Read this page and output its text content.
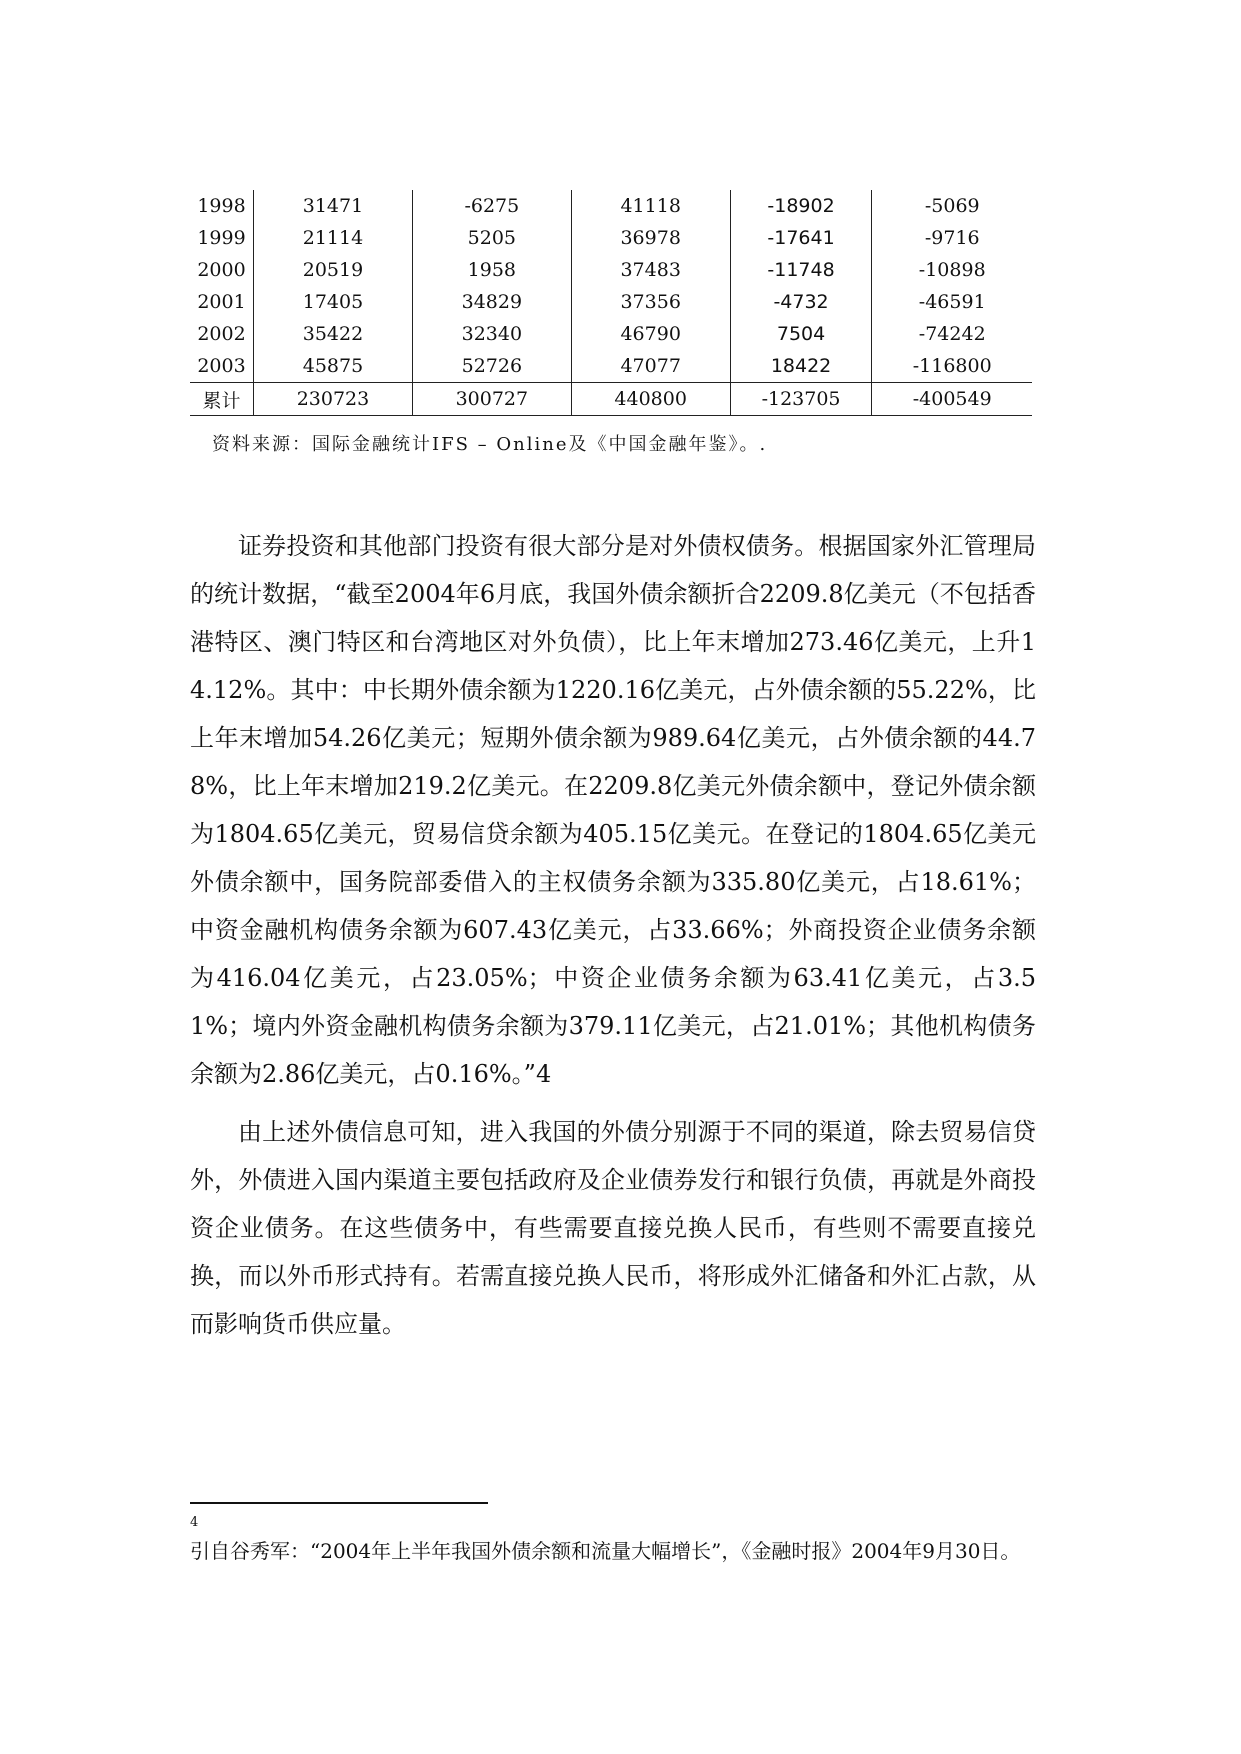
1998	31471	-6275	41118	-18902	-5069
1999	21114	5205	36978	-17641	-9716
2000	20519	1958	37483	-11748	-10898
2001	17405	34829	37356	-4732	-46591
2002	35422	32340	46790	7504	-74242
2003	45875	52726	47077	18422	-116800
累计	230723	300727	440800	-123705	-400549
资料来源：国际金融统计IFS – Online及《中国金融年鉴》。.

证券投资和其他部门投资有很大部分是对外债权债务。根据国家外汇管理局的统计数据，“截至2004年6月底，我国外债余额折合2209.8亿美元（不包括香港特区、澳门特区和台湾地区对外负债），比上年末增加273.46亿美元，上升14.12%。其中：中长期外债余额为1220.16亿美元，占外债余额的55.22%，比上年末增加54.26亿美元；短期外债余额为989.64亿美元，占外债余额的44.78%，比上年末增加219.2亿美元。在2209.8亿美元外债余额中，登记外债余额为1804.65亿美元，贸易信贷余额为405.15亿美元。在登记的1804.65亿美元外债余额中，国务院部委借入的主权债务余额为335.80亿美元，占18.61%；中资金融机构债务余额为607.43亿美元，占33.66%；外商投资企业债务余额为416.04亿美元，占23.05%；中资企业债务余额为63.41亿美元，占3.51%；境内外资金融机构债务余额为379.11亿美元，占21.01%；其他机构债务余额为2.86亿美元，占0.16%。”4

由上述外债信息可知，进入我国的外债分别源于不同的渠道，除去贸易信贷外，外债进入国内渠道主要包括政府及企业债券发行和银行负债，再就是外商投资企业债务。在这些债务中，有些需要直接兑换人民币，有些则不需要直接兑换，而以外币形式持有。若需直接兑换人民币，将形成外汇储备和外汇占款，从而影响货币供应量。

4
引自谷秀军：“2004年上半年我国外债余额和流量大幅增长”，《金融时报》2004年9月30日。
